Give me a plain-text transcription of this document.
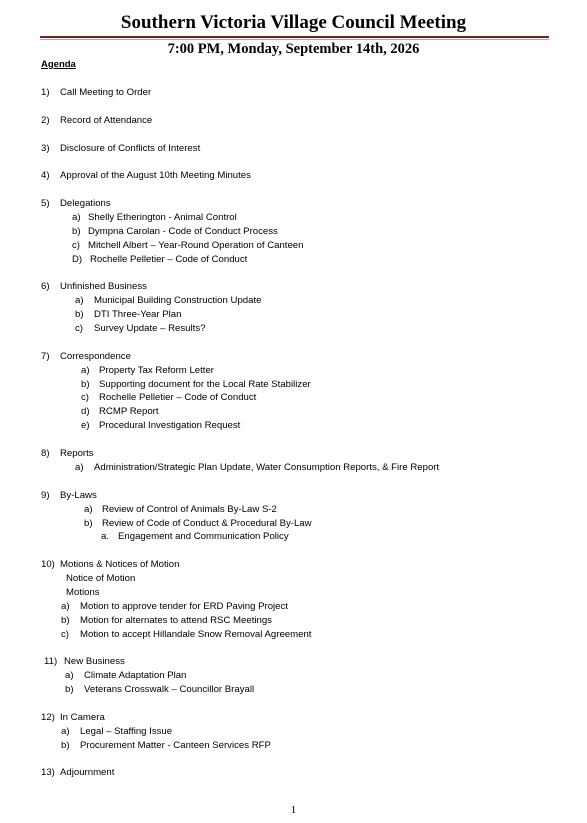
Southern Victoria Village Council Meeting
7:00 PM, Monday, September 14th, 2026
Agenda
1) Call Meeting to Order
2) Record of Attendance
3) Disclosure of Conflicts of Interest
4) Approval of the August 10th Meeting Minutes
5) Delegations
a) Shelly Etherington - Animal Control
b) Dympna Carolan - Code of Conduct Process
c) Mitchell Albert – Year-Round Operation of Canteen
D) Rochelle Pelletier – Code of Conduct
6) Unfinished Business
a) Municipal Building Construction Update
b) DTI Three-Year Plan
c) Survey Update – Results?
7) Correspondence
a) Property Tax Reform Letter
b) Supporting document for the Local Rate Stabilizer
c) Rochelle Pelletier – Code of Conduct
d) RCMP Report
e) Procedural Investigation Request
8) Reports
a) Administration/Strategic Plan Update, Water Consumption Reports, & Fire Report
9) By-Laws
a) Review of Control of Animals By-Law S-2
b) Review of Code of Conduct & Procedural By-Law
a. Engagement and Communication Policy
10) Motions & Notices of Motion
Notice of Motion
Motions
a) Motion to approve tender for ERD Paving Project
b) Motion for alternates to attend RSC Meetings
c) Motion to accept Hillandale Snow Removal Agreement
11) New Business
a) Climate Adaptation Plan
b) Veterans Crosswalk – Councillor Brayall
12) In Camera
a) Legal – Staffing Issue
b) Procurement Matter - Canteen Services RFP
13) Adjournment
1
